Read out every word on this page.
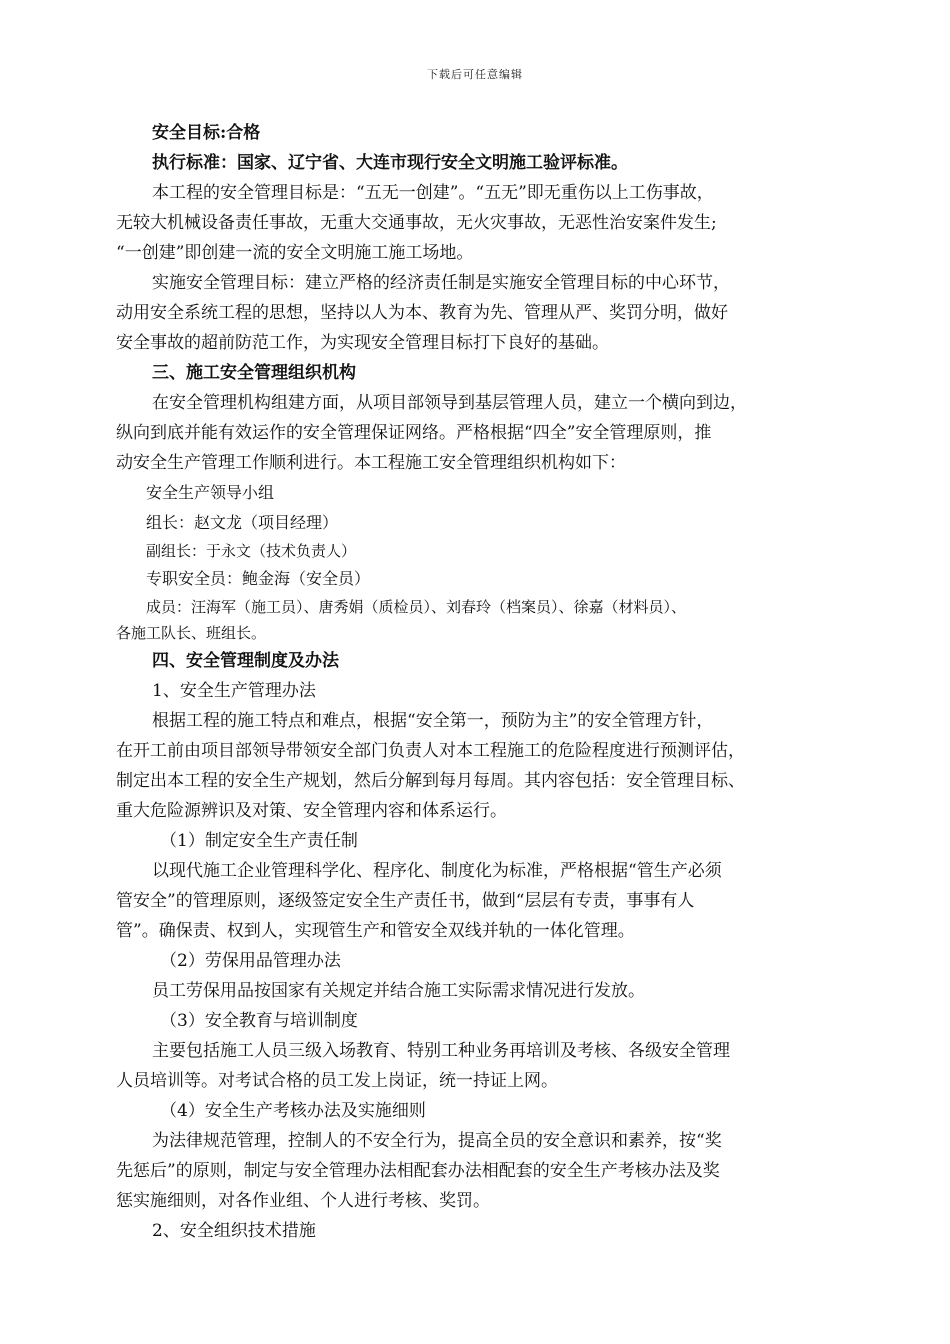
下载后可任意编辑
安全目标:合格
执行标准：国家、辽宁省、大连市现行安全文明施工验评标准。
本工程的安全管理目标是：“五无一创建”。“五无”即无重伤以上工伤事故，
无较大机械设备责任事故，无重大交通事故，无火灾事故，无恶性治安案件发生;
“一创建”即创建一流的安全文明施工施工场地。
实施安全管理目标：建立严格的经济责任制是实施安全管理目标的中心环节，
动用安全系统工程的思想，坚持以人为本、教育为先、管理从严、奖罚分明，做好
安全事故的超前防范工作，为实现安全管理目标打下良好的基础。
三、施工安全管理组织机构
在安全管理机构组建方面，从项目部领导到基层管理人员，建立一个横向到边，
纵向到底并能有效运作的安全管理保证网络。严格根据“四全”安全管理原则，推
动安全生产管理工作顺利进行。本工程施工安全管理组织机构如下：
安全生产领导小组
组长：赵文龙（项目经理）
副组长：于永文（技术负责人）
专职安全员：鲍金海（安全员）
成员：汪海军（施工员）、唐秀娟（质检员）、刘春玲（档案员）、徐嘉（材料员）、
各施工队长、班组长。
四、安全管理制度及办法
1、安全生产管理办法
根据工程的施工特点和难点，根据“安全第一，预防为主”的安全管理方针，
在开工前由项目部领导带领安全部门负责人对本工程施工的危险程度进行预测评估，
制定出本工程的安全生产规划，然后分解到每月每周。其内容包括：安全管理目标、
重大危险源辨识及对策、安全管理内容和体系运行。
（1）制定安全生产责任制
以现代施工企业管理科学化、程序化、制度化为标准，严格根据“管生产必须
管安全”的管理原则，逐级签定安全生产责任书，做到“层层有专责，事事有人
管”。确保责、权到人，实现管生产和管安全双线并轨的一体化管理。
（2）劳保用品管理办法
员工劳保用品按国家有关规定并结合施工实际需求情况进行发放。
（3）安全教育与培训制度
主要包括施工人员三级入场教育、特别工种业务再培训及考核、各级安全管理
人员培训等。对考试合格的员工发上岗证，统一持证上网。
（4）安全生产考核办法及实施细则
为法律规范管理，控制人的不安全行为，提高全员的安全意识和素养，按“奖
先惩后”的原则，制定与安全管理办法相配套办法相配套的安全生产考核办法及奖
惩实施细则，对各作业组、个人进行考核、奖罚。
2、安全组织技术措施
